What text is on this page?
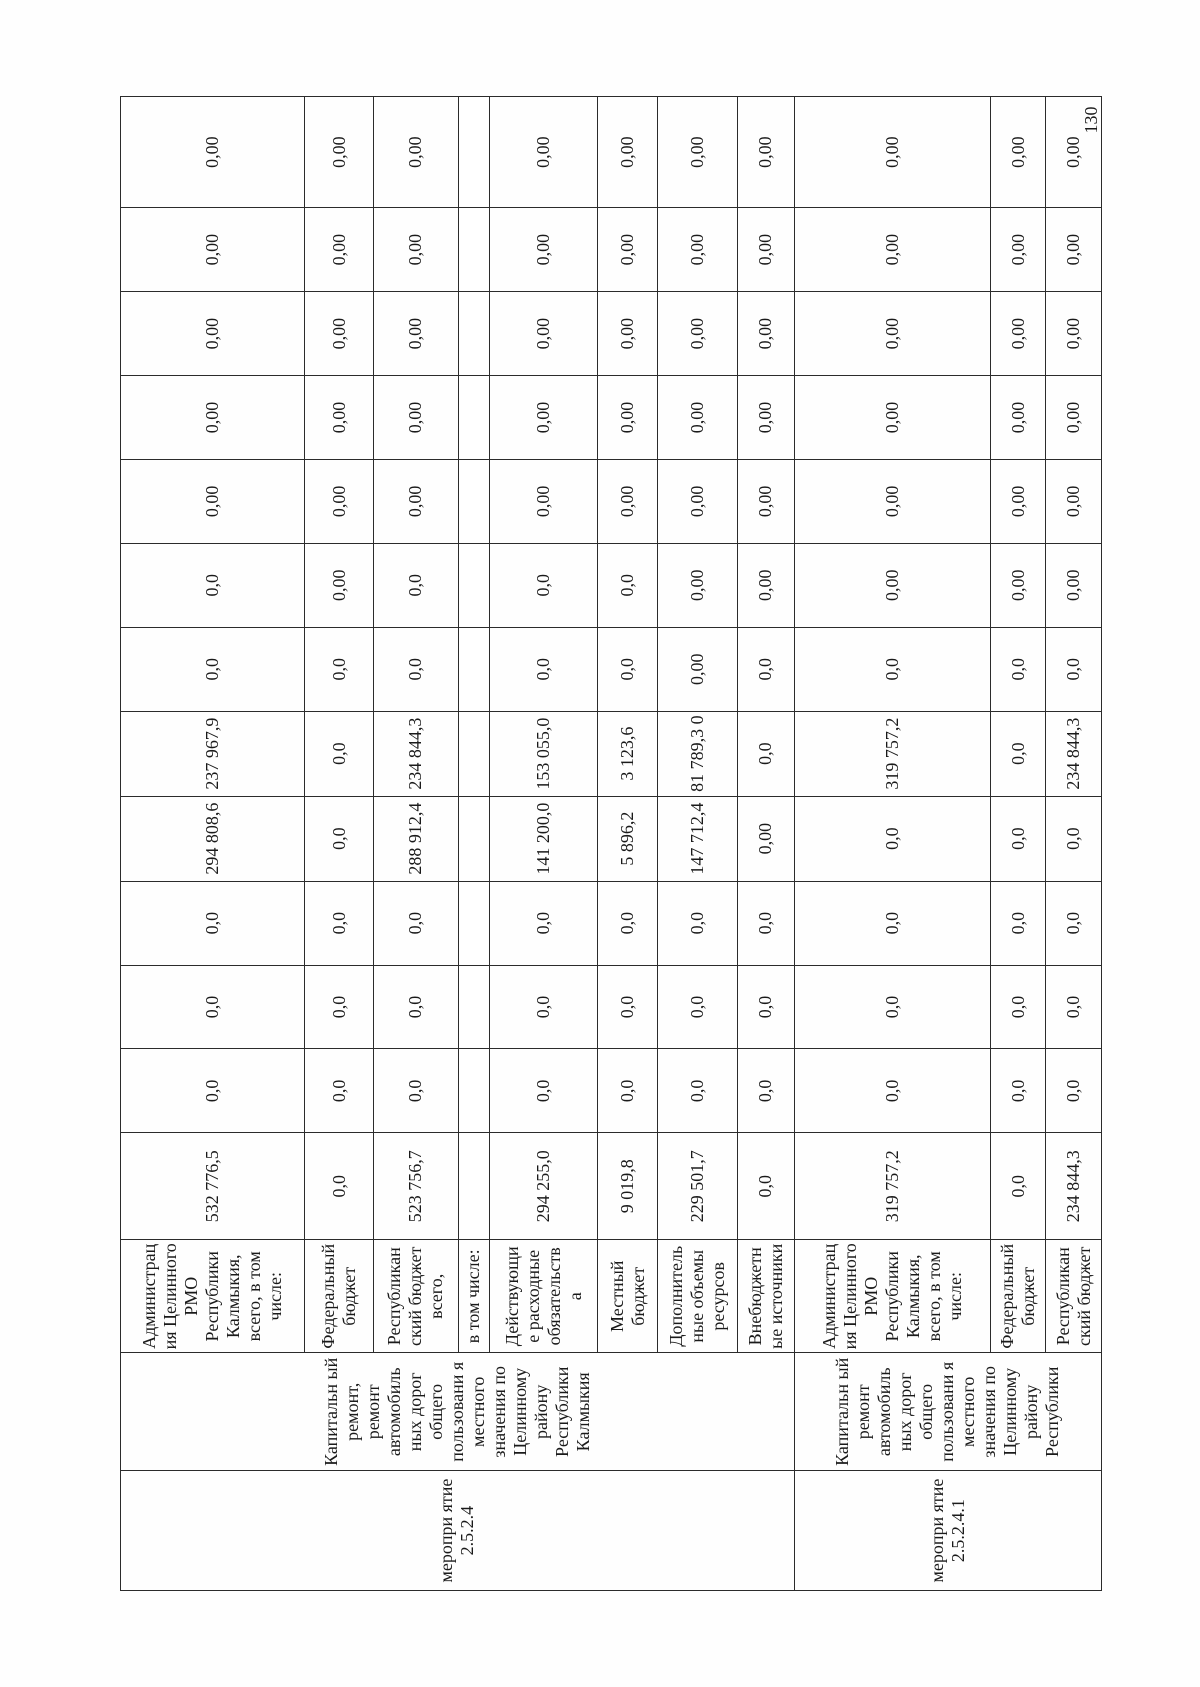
меропри ятие 2.5.2.4	Капитальн ый ремонт, ремонт автомобиль ных дорог общего пользовани я местного значения по Целинному району Республики Калмыкия	Администрац ия Целинного РМО Республики Калмыкия, всего, в том числе:	532 776,5	0,0	0,0	0,0	294 808,6	237 967,9	0,0	0,0	0,00	0,00	0,00	0,00	0,00
		Федеральный бюджет	0,0	0,0	0,0	0,0	0,0	0,0	0,0	0,00	0,00	0,00	0,00	0,00	0,00
		Республикан ский бюджет всего,	523 756,7	0,0	0,0	0,0	288 912,4	234 844,3	0,0	0,0	0,00	0,00	0,00	0,00	0,00
		в том числе:													
		Действующи е расходные обязательств а	294 255,0	0,0	0,0	0,0	141 200,0	153 055,0	0,0	0,0	0,00	0,00	0,00	0,00	0,00
		Местный бюджет	9 019,8	0,0	0,0	0,0	5 896,2	3 123,6	0,0	0,0	0,00	0,00	0,00	0,00	0,00
		Дополнитель ные объемы ресурсов	229 501,7	0,0	0,0	0,0	147 712,4	81 789,3 0	0,00	0,00	0,00	0,00	0,00	0,00	0,00
		Внебюджетн ые источники	0,0	0,0	0,0	0,0	0,00	0,0	0,0	0,00	0,00	0,00	0,00	0,00	0,00
меропри ятие 2.5.2.4.1	Капитальн ый ремонт автомобиль ных дорог общего пользовани я местного значения по Целинному району Республики	Администрац ия Целинного РМО Республики Калмыкия, всего, в том числе:	319 757,2	0,0	0,0	0,0	0,0	319 757,2	0,0	0,00	0,00	0,00	0,00	0,00	0,00
		Федеральный бюджет	0,0	0,0	0,0	0,0	0,0	0,0	0,0	0,00	0,00	0,00	0,00	0,00	0,00
		Республикан ский бюджет	234 844,3	0,0	0,0	0,0	0,0	234 844,3	0,0	0,00	0,00	0,00	0,00	0,00	0,00
130
